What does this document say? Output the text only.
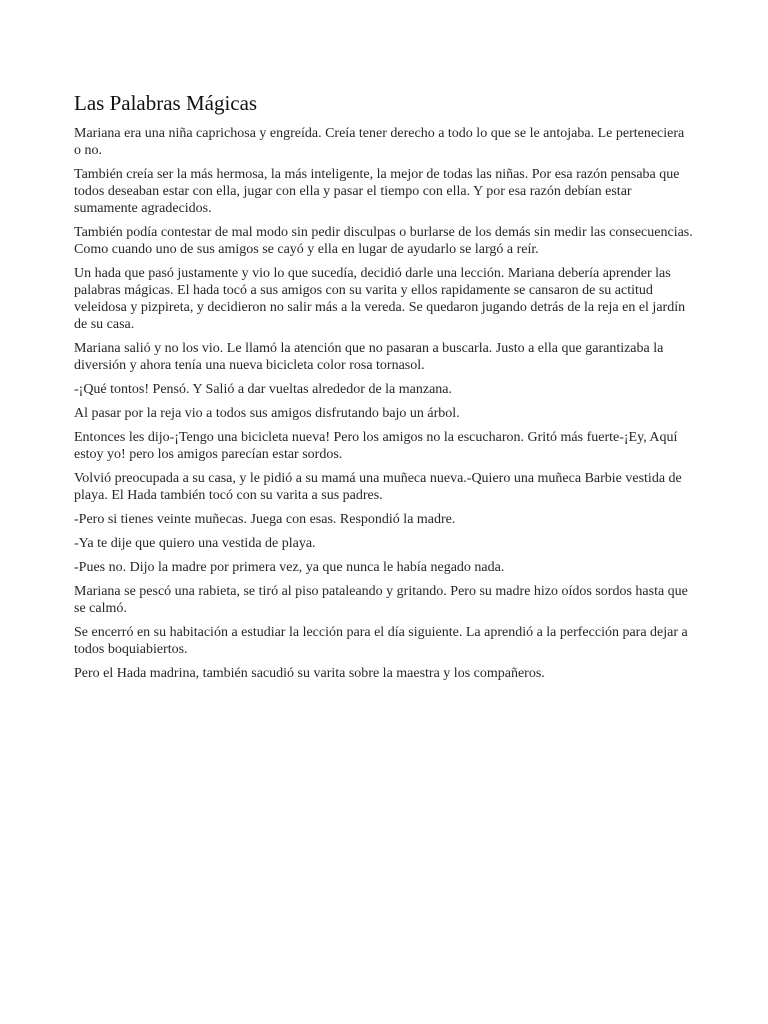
Las Palabras Mágicas

Mariana era una niña caprichosa y engreída. Creía tener derecho a todo lo que se le antojaba. Le perteneciera o no.

También creía ser la más hermosa, la más inteligente, la mejor de todas las niñas. Por esa razón pensaba que todos deseaban estar con ella, jugar con ella y pasar el tiempo con ella. Y por esa razón debían estar sumamente agradecidos.

También podía contestar de mal modo sin pedir disculpas o burlarse de los demás sin medir las consecuencias. Como cuando uno de sus amigos se cayó y ella en lugar de ayudarlo se largó a reír.

Un hada que pasó justamente y vio lo que sucedía, decidió darle una lección. Mariana debería aprender las palabras mágicas. El hada tocó a sus amigos con su varita y ellos rapidamente se cansaron de su actitud veleidosa y pizpireta, y decidieron no salir más a la vereda. Se quedaron jugando detrás de la reja en el jardín de su casa.

Mariana salió y no los vio. Le llamó la atención que no pasaran a buscarla. Justo a ella que garantizaba la diversión y ahora tenía una nueva bicicleta color rosa tornasol.

-¡Qué tontos! Pensó. Y Salió a dar vueltas alrededor de la manzana.

Al pasar por la reja vio a todos sus amigos disfrutando bajo un árbol.

Entonces les dijo-¡Tengo una bicicleta nueva! Pero los amigos no la escucharon. Gritó más fuerte-¡Ey, Aquí estoy yo! pero los amigos parecían estar sordos.

Volvió preocupada a su casa, y le pidió a su mamá una muñeca nueva.-Quiero una muñeca Barbie vestida de playa. El Hada también tocó con su varita a sus padres.

-Pero si tienes veinte muñecas. Juega con esas. Respondió la madre.

-Ya te dije que quiero una vestida de playa.

-Pues no. Dijo la madre por primera vez, ya que nunca le había negado nada.

Mariana se pescó una rabieta, se tiró al piso pataleando y gritando. Pero su madre hizo oídos sordos hasta que se calmó.

Se encerró en su habitación a estudiar la lección para el día siguiente. La aprendió a la perfección para dejar a todos boquiabiertos.

Pero el Hada madrina, también sacudió su varita sobre la maestra y los compañeros.
